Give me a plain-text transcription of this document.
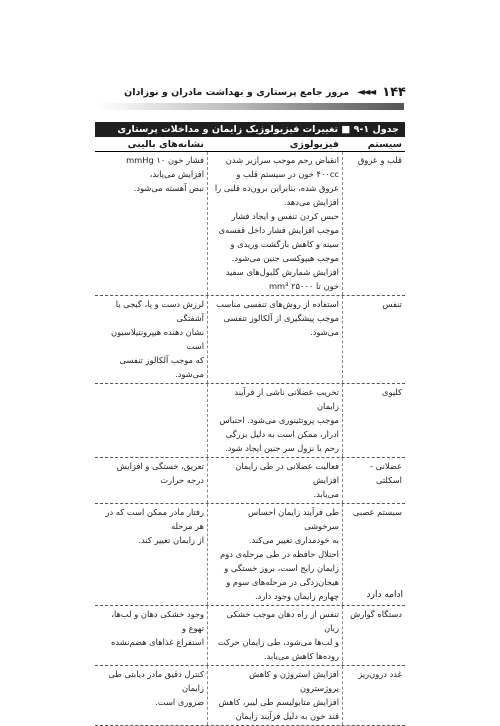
۱۴۴
◄◄◄
مرور جامع پرستاری و بهداشت مادران و نوزادان
جدول ۱-۹ ■ تغییرات فیزیولوژیک زایمان و مداخلات پرستاری
سیستم
فیزیولوژی
نشانه‌های بالینی
قلب و عروق
انقباض رحم موجب سرازیر شدن
۴۰۰cc خون در سیستم قلب و
عروق شده، بنابراین برون‌ده قلبی را
افزایش می‌دهد.
حبس کردن تنفس و ایجاد فشار
موجب افزایش فشار داخل قفسه‌ی
سینه و کاهش بازگشت وریدی و
موجب هیپوکسی جنین می‌شود.
افزایش شمارش گلبول‌های سفید
خون تا ۲۵۰۰۰ mm³
فشار خون mmHg ۱۰ افزایش می‌یابد،
نبض آهسته می‌شود.
تنفس
استفاده از روش‌های تنفسی مناسب
موجب پیشگیری از آلکالوز تنفسی
می‌شود.
لرزش دست و پا، گیجی یا آشفتگی
نشان دهنده هیپرونتیلاسیون است
که موجب آلکالوز تنفسی می‌شود.
کلیوی
تخریب عضلانی ناشی از فرآیند زایمان
موجب پروتئینوری می‌شود. احتباس
ادرار، ممکن است به دلیل بزرگی
رحم یا نزول سر جنین ایجاد شود.
عضلانی - اسکلتی
فعالیت عضلانی در طی زایمان افزایش
می‌یابد.
تعریق، خستگی و افزایش درجه حرارت
سیستم عصبی
طی فرآیند زایمان احساس سرخوشی
به خودمداری تغییر می‌کند.
احتلال حافظه در طی مرحله‌ی دوم
زایمان رایج است، بروز خستگی و
هیجان‌زدگی در مرحله‌های سوم و
چهارم زایمان وجود دارد.
رفتار مادر ممکن است که در هر مرحله
از زایمان تغییر کند.
دستگاه گوارش
تنفس از راه دهان موجب خشکی زبان
و لب‌ها می‌شود، طی زایمان حرکت
روده‌ها کاهش می‌یابد.
وجود خشکی دهان و لب‌ها، تهوع و
استفراغ غذاهای هضم‌نشده
غدد درون‌ریز
افزایش استروژن و کاهش پروژسترون
افزایش متابولیسم طی لیبر، کاهش
قند خون به دلیل فرآیند زایمان
کنترل دقیق مادر دیابتی طی زایمان
ضروری است.
ادامه دارد
